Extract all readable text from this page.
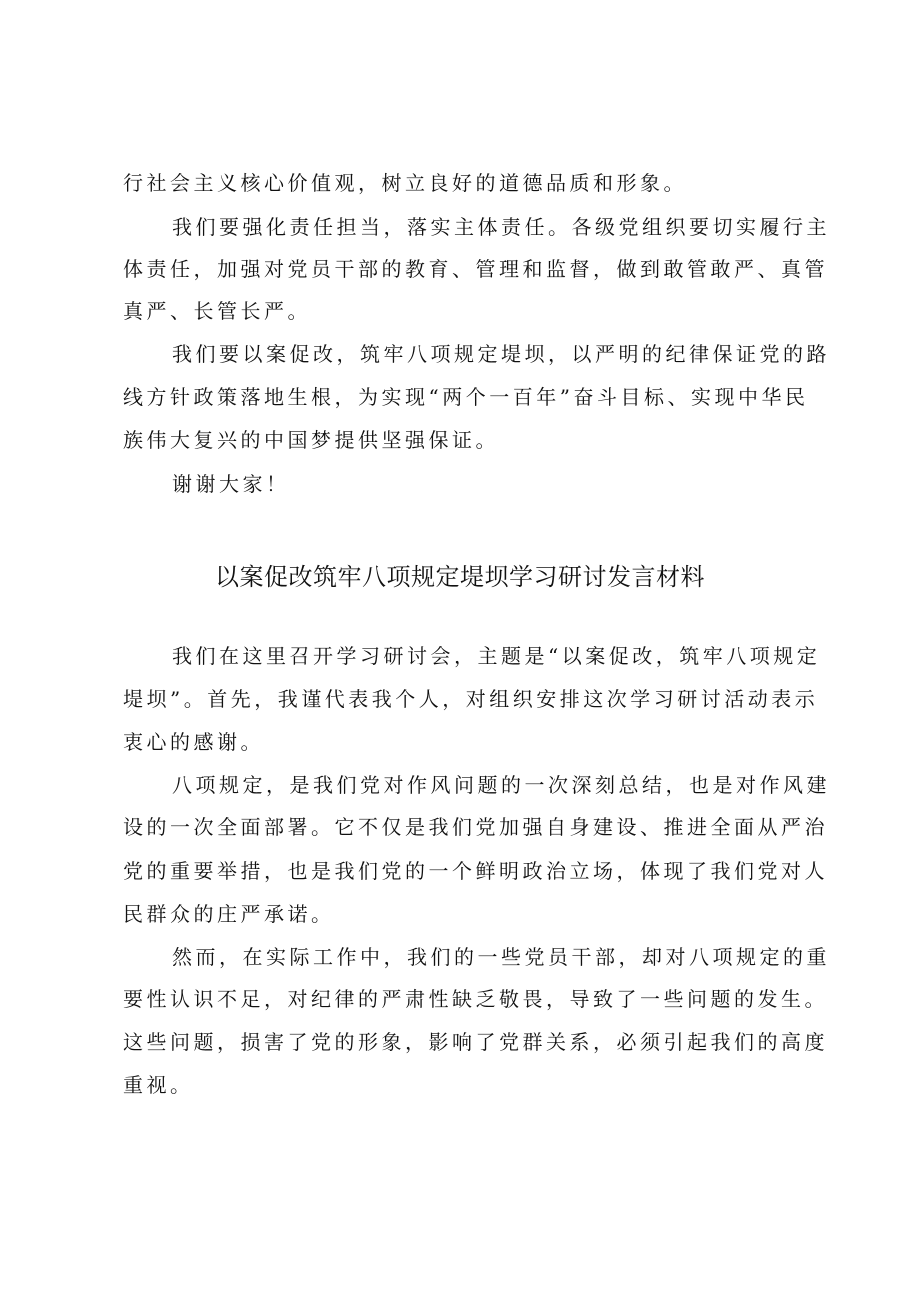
行社会主义核心价值观，树立良好的道德品质和形象。
我们要强化责任担当，落实主体责任。各级党组织要切实履行主
体责任，加强对党员干部的教育、管理和监督，做到敢管敢严、真管
真严、长管长严。
我们要以案促改，筑牢八项规定堤坝，以严明的纪律保证党的路
线方针政策落地生根，为实现“两个一百年”奋斗目标、实现中华民
族伟大复兴的中国梦提供坚强保证。
谢谢大家！
以案促改筑牢八项规定堤坝学习研讨发言材料
我们在这里召开学习研讨会，主题是“以案促改，筑牢八项规定
堤坝”。首先，我谨代表我个人，对组织安排这次学习研讨活动表示
衷心的感谢。
八项规定，是我们党对作风问题的一次深刻总结，也是对作风建
设的一次全面部署。它不仅是我们党加强自身建设、推进全面从严治
党的重要举措，也是我们党的一个鲜明政治立场，体现了我们党对人
民群众的庄严承诺。
然而，在实际工作中，我们的一些党员干部，却对八项规定的重
要性认识不足，对纪律的严肃性缺乏敬畏，导致了一些问题的发生。
这些问题，损害了党的形象，影响了党群关系，必须引起我们的高度
重视。
